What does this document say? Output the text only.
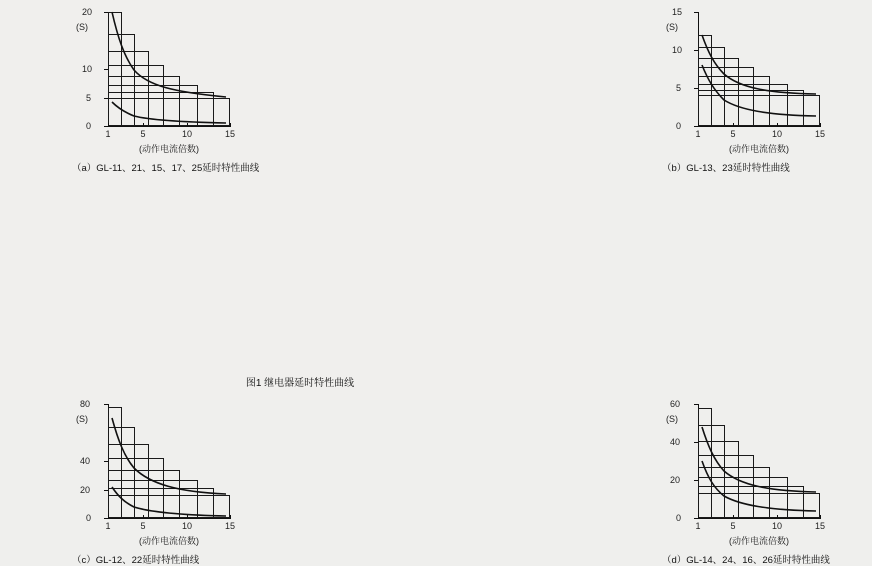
(S)
0
5
10
20
1	5	10	15
(动作电流倍数)
（a）GL‑11、21、15、17、25延时特性曲线
(S)
0
5
10
15
1	5	10	15
(动作电流倍数)
（b）GL‑13、23延时特性曲线
(S)
0
20
40
80
1	5	10	15
(动作电流倍数)
（c）GL‑12、22延时特性曲线
(S)
0
20
40
60
1	5	10	15
(动作电流倍数)
（d）GL‑14、24、16、26延时特性曲线
图1 继电器延时特性曲线
